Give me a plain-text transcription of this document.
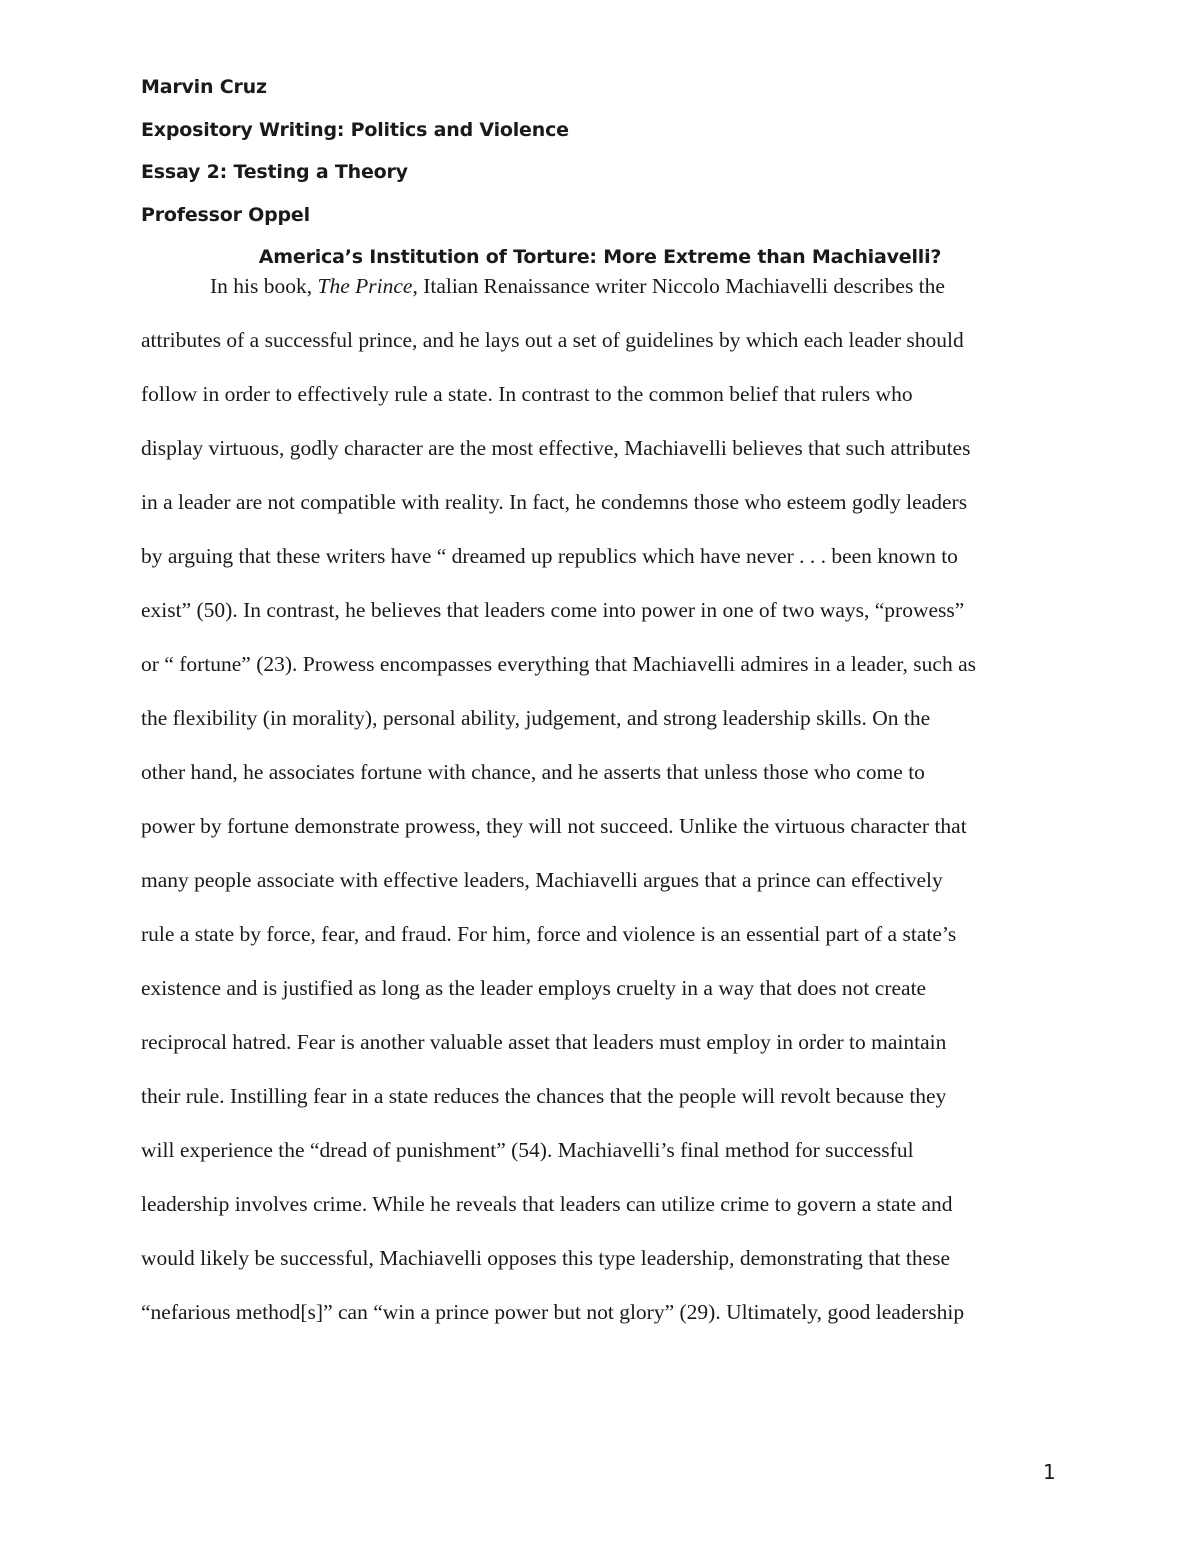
Marvin Cruz
Expository Writing: Politics and Violence
Essay 2: Testing a Theory
Professor Oppel
America’s Institution of Torture: More Extreme than Machiavelli?
In his book, The Prince, Italian Renaissance writer Niccolo Machiavelli describes the
attributes of a successful prince, and he lays out a set of guidelines by which each leader should
follow in order to effectively rule a state. In contrast to the common belief that rulers who
display virtuous, godly character are the most effective, Machiavelli believes that such attributes
in a leader are not compatible with reality. In fact, he condemns those who esteem godly leaders
by arguing that these writers have “ dreamed up republics which have never . . . been known to
exist” (50). In contrast, he believes that leaders come into power in one of two ways, “prowess”
or “ fortune” (23). Prowess encompasses everything that Machiavelli admires in a leader, such as
the flexibility (in morality), personal ability, judgement, and strong leadership skills. On the
other hand, he associates fortune with chance, and he asserts that unless those who come to
power by fortune demonstrate prowess, they will not succeed. Unlike the virtuous character that
many people associate with effective leaders, Machiavelli argues that a prince can effectively
rule a state by force, fear, and fraud. For him, force and violence is an essential part of a state’s
existence and is justified as long as the leader employs cruelty in a way that does not create
reciprocal hatred. Fear is another valuable asset that leaders must employ in order to maintain
their rule. Instilling fear in a state reduces the chances that the people will revolt because they
will experience the “dread of punishment” (54). Machiavelli’s final method for successful
leadership involves crime. While he reveals that leaders can utilize crime to govern a state and
would likely be successful, Machiavelli opposes this type leadership, demonstrating that these
“nefarious method[s]” can “win a prince power but not glory” (29). Ultimately, good leadership
1
